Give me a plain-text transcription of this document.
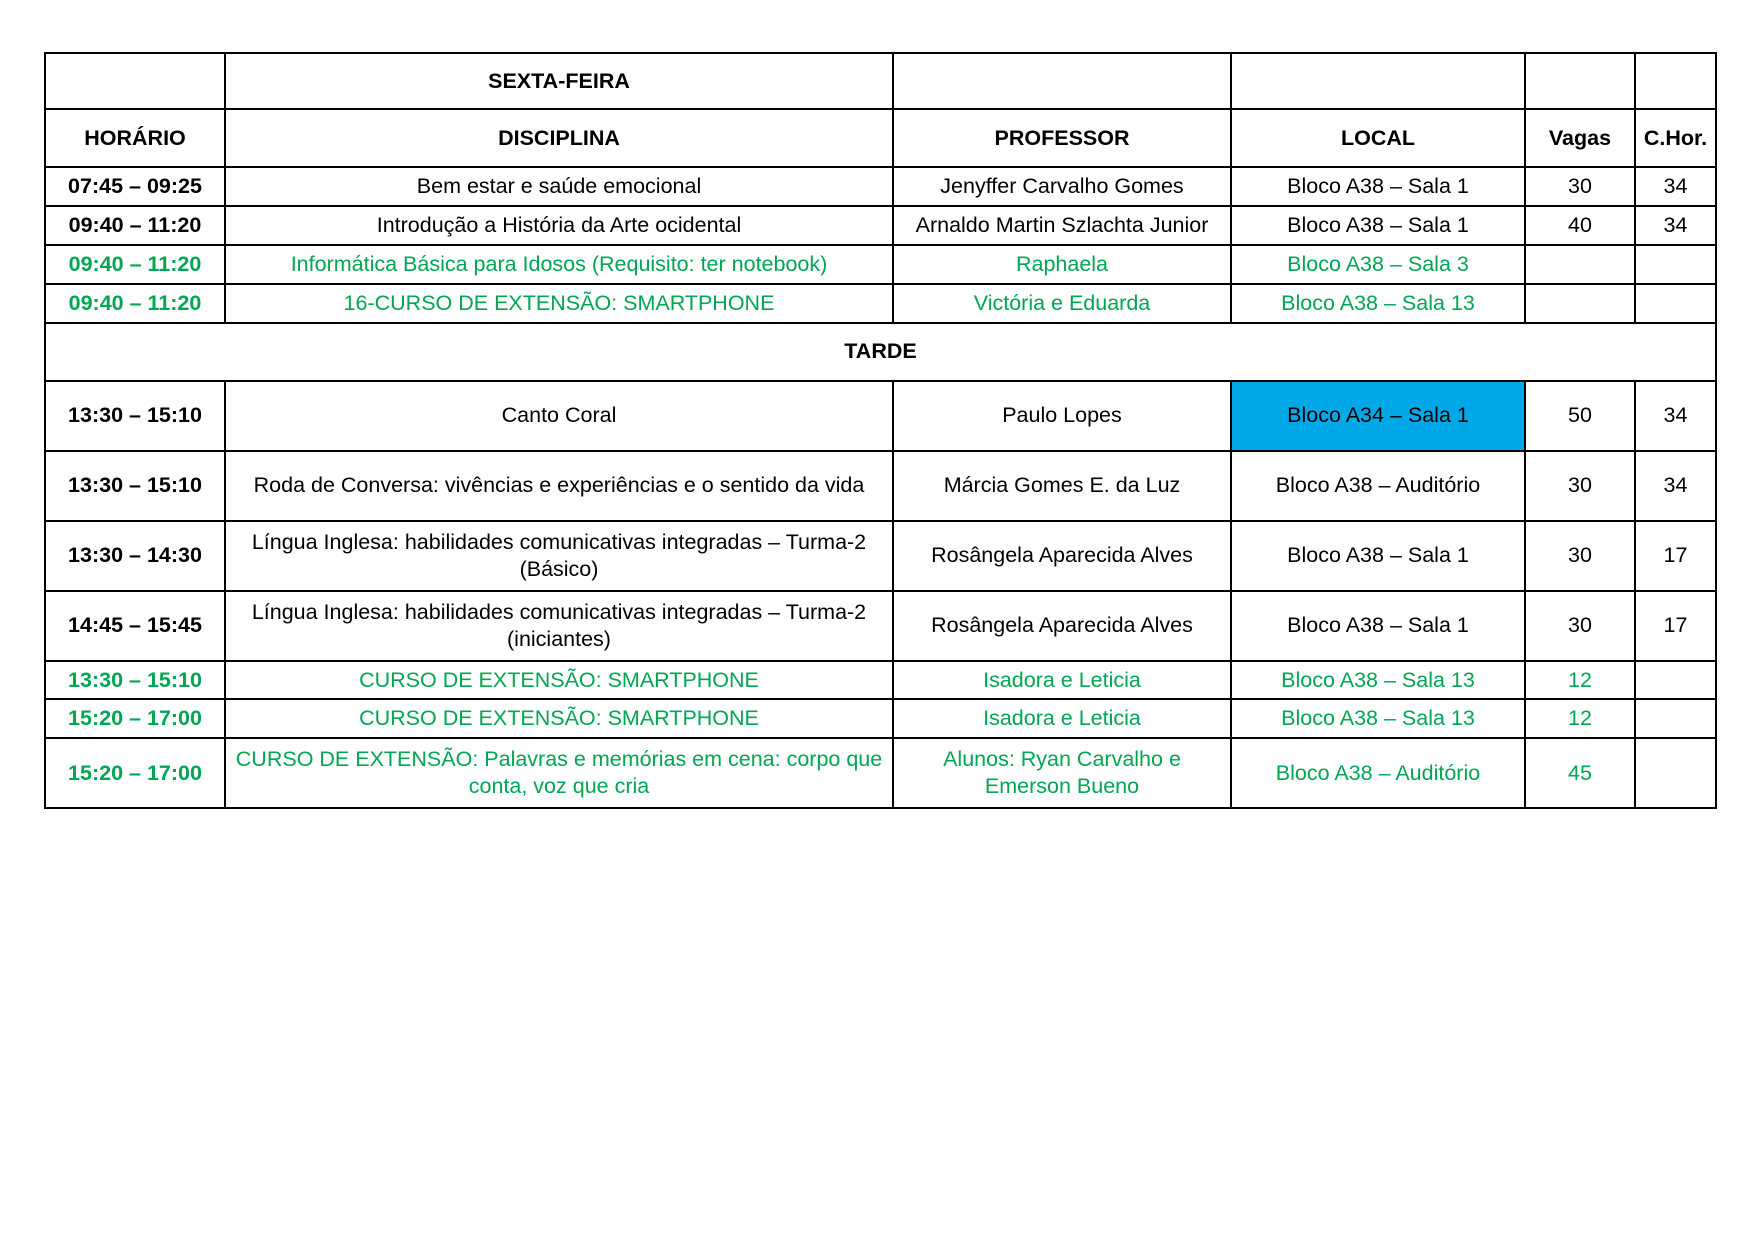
	SEXTA-FEIRA				
HORÁRIO	DISCIPLINA	PROFESSOR	LOCAL	Vagas	C.Hor.
07:45 – 09:25	Bem estar e saúde emocional	Jenyffer Carvalho Gomes	Bloco A38 – Sala 1	30	34
09:40 – 11:20	Introdução a História da Arte ocidental	Arnaldo Martin Szlachta Junior	Bloco A38 – Sala 1	40	34
09:40 – 11:20	Informática Básica para Idosos (Requisito: ter notebook)	Raphaela	Bloco A38 – Sala 3		
09:40 – 11:20	16-CURSO DE EXTENSÃO: SMARTPHONE	Victória e Eduarda	Bloco A38 – Sala 13		
TARDE					
13:30 – 15:10	Canto Coral	Paulo Lopes	Bloco A34 – Sala 1	50	34
13:30 – 15:10	Roda de Conversa: vivências e experiências e o sentido da vida	Márcia Gomes E. da Luz	Bloco A38 – Auditório	30	34
13:30 – 14:30	Língua Inglesa: habilidades comunicativas integradas – Turma-2 (Básico)	Rosângela Aparecida Alves	Bloco A38 – Sala 1	30	17
14:45 – 15:45	Língua Inglesa: habilidades comunicativas integradas – Turma-2 (iniciantes)	Rosângela Aparecida Alves	Bloco A38 – Sala 1	30	17
13:30 – 15:10	CURSO DE EXTENSÃO: SMARTPHONE	Isadora e Leticia	Bloco A38 – Sala 13	12	
15:20 – 17:00	CURSO DE EXTENSÃO: SMARTPHONE	Isadora e Leticia	Bloco A38 – Sala 13	12	
15:20 – 17:00	CURSO DE EXTENSÃO: Palavras e memórias em cena: corpo que conta, voz que cria	Alunos: Ryan Carvalho e Emerson Bueno	Bloco A38 – Auditório	45	
